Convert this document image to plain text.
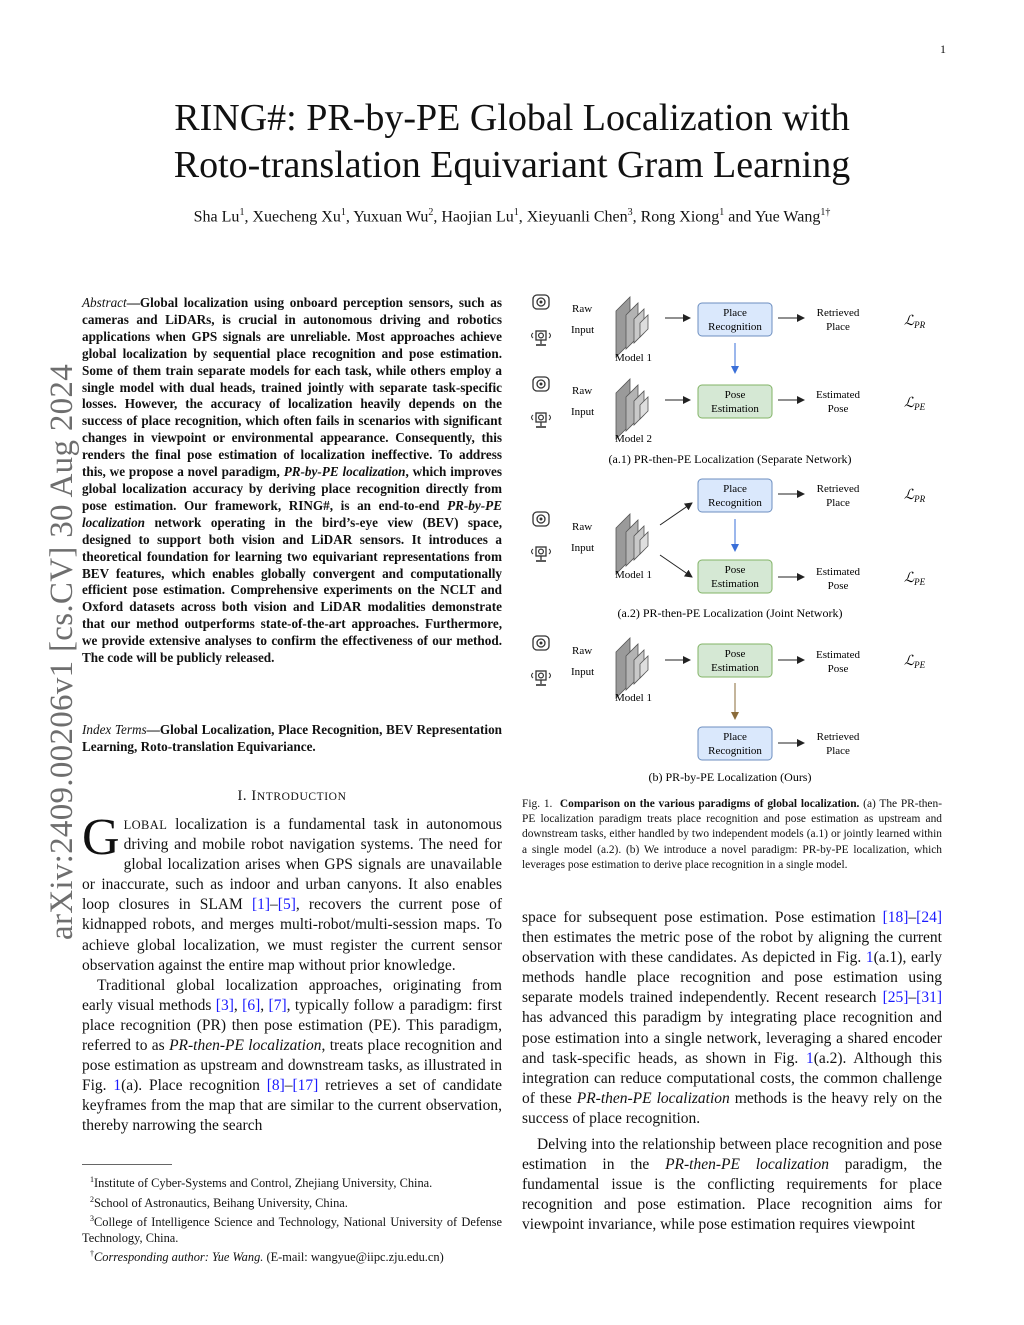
1
arXiv:2409.00206v1 [cs.CV] 30 Aug 2024
RING#: PR-by-PE Global Localization with
Roto-translation Equivariant Gram Learning
Sha Lu$^1$, Xuecheng Xu$^1$, Yuxuan Wu$^2$, Haojian Lu$^1$, Xieyuanli Chen$^3$, Rong Xiong$^1$ and Yue Wang$^{1\dagger}$
Abstract—Global localization using onboard perception sensors, such as cameras and LiDARs, is crucial in autonomous driving and robotics applications when GPS signals are unreliable. Most approaches achieve global localization by sequential place recognition and pose estimation. Some of them train separate models for each task, while others employ a single model with dual heads, trained jointly with separate task-specific losses. However, the accuracy of localization heavily depends on the success of place recognition, which often fails in scenarios with significant changes in viewpoint or environmental appearance. Consequently, this renders the final pose estimation of localization ineffective. To address this, we propose a novel paradigm, PR-by-PE localization, which improves global localization accuracy by deriving place recognition directly from pose estimation. Our framework, RING#, is an end-to-end PR-by-PE localization network operating in the bird’s-eye view (BEV) space, designed to support both vision and LiDAR sensors. It introduces a theoretical foundation for learning two equivariant representations from BEV features, which enables globally convergent and computationally efficient pose estimation. Comprehensive experiments on the NCLT and Oxford datasets across both vision and LiDAR modalities demonstrate that our method outperforms state-of-the-art approaches. Furthermore, we provide extensive analyses to confirm the effectiveness of our method. The code will be publicly released.
Index Terms—Global Localization, Place Recognition, BEV Representation Learning, Roto-translation Equivariance.
I. INTRODUCTION

GLOBAL localization is a fundamental task in autonomous driving and mobile robot navigation systems. The need for global localization arises when GPS signals are unavailable or inaccurate, such as indoor and urban canyons. It also enables loop closures in SLAM [1]–[5], recovers the current pose of kidnapped robots, and merges multi-robot/multi-session maps. To achieve global localization, we must register the current sensor observation against the entire map without prior knowledge.

Traditional global localization approaches, originating from early visual methods [3], [6], [7], typically follow a paradigm: first place recognition (PR) then pose estimation (PE). This paradigm, referred to as PR-then-PE localization, treats place recognition and pose estimation as upstream and downstream tasks, as illustrated in Fig. 1(a). Place recognition [8]–[17] retrieves a set of candidate keyframes from the map that are similar to the current observation, thereby narrowing the search

$^1$Institute of Cyber-Systems and Control, Zhejiang University, China.

$^2$School of Astronautics, Beihang University, China.

$^3$College of Intelligence Science and Technology, National University of Defense Technology, China.

†Corresponding author: Yue Wang. (E-mail: wangyue@iipc.zju.edu.cn)

Raw
Input
Model 1
Place
Recognition
Retrieved
Place	ℒ$_{PR}$
Raw
Input
Model 2
Pose
Estimation
Estimated
Pose	ℒ$_{PE}$
(a.1) PR-then-PE Localization (Separate Network)
Raw
Input
Model 1
Place
Recognition
Retrieved
Place	ℒ$_{PR}$
Pose
Estimation
Estimated
Pose	ℒ$_{PE}$
(a.2) PR-then-PE Localization (Joint Network)
Raw
Input
Model 1
Pose
Estimation
Estimated
Pose	ℒ$_{PE}$
Place
Recognition
Retrieved
Place
(b) PR-by-PE Localization (Ours)
Fig. 1. Comparison on the various paradigms of global localization. (a) The PR-then-PE localization paradigm treats place recognition and pose estimation as upstream and downstream tasks, either handled by two independent models (a.1) or jointly learned within a single model (a.2). (b) We introduce a novel paradigm: PR-by-PE localization, which leverages pose estimation to derive place recognition in a single model.

space for subsequent pose estimation. Pose estimation [18]–[24] then estimates the metric pose of the robot by aligning the current observation with these candidates. As depicted in Fig. 1(a.1), early methods handle place recognition and pose estimation using separate models trained independently. Recent research [25]–[31] has advanced this paradigm by integrating place recognition and pose estimation into a single network, leveraging a shared encoder and task-specific heads, as shown in Fig. 1(a.2). Although this integration can reduce computational costs, the common challenge of these PR-then-PE localization methods is the heavy rely on the success of place recognition.

Delving into the relationship between place recognition and pose estimation in the PR-then-PE localization paradigm, the fundamental issue is the conflicting requirements for place recognition and pose estimation. Place recognition aims for viewpoint invariance, while pose estimation requires viewpoint
